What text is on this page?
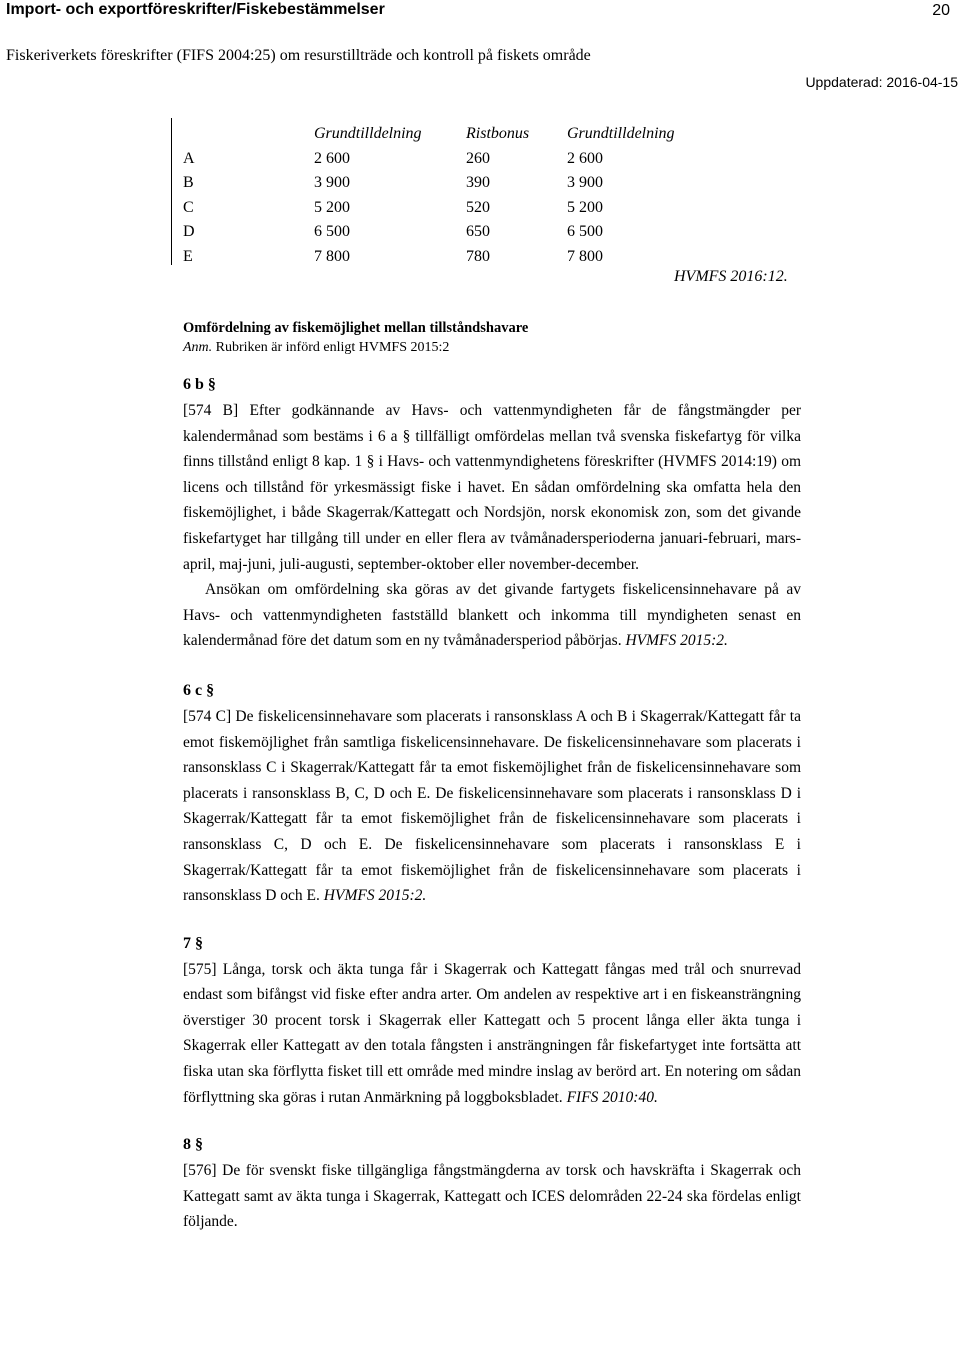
Import- och exportföreskrifter/Fiskebestämmelser	20
Fiskeriverkets föreskrifter (FIFS 2004:25) om resurstillträde och kontroll på fiskets område
Uppdaterad: 2016-04-15
	Grundtilldelning	Ristbonus	Grundtilldelning
A	2 600	260	2 600
B	3 900	390	3 900
C	5 200	520	5 200
D	6 500	650	6 500
E	7 800	780	7 800
HVMFS 2016:12.
Omfördelning av fiskemöjlighet mellan tillståndshavare
Anm. Rubriken är införd enligt HVMFS 2015:2
6 b §
[574 B] Efter godkännande av Havs- och vattenmyndigheten får de fångstmängder per kalendermånad som bestäms i 6 a § tillfälligt omfördelas mellan två svenska fiskefartyg för vilka finns tillstånd enligt 8 kap. 1 § i Havs- och vattenmyndighetens föreskrifter (HVMFS 2014:19) om licens och tillstånd för yrkesmässigt fiske i havet. En sådan omfördelning ska omfatta hela den fiskemöjlighet, i både Skagerrak/Kattegatt och Nordsjön, norsk ekonomisk zon, som det givande fiskefartyget har tillgång till under en eller flera av tvåmånadersperioderna januari-februari, mars-april, maj-juni, juli-augusti, september-oktober eller november-december.
Ansökan om omfördelning ska göras av det givande fartygets fiskelicensinnehavare på av Havs- och vattenmyndigheten fastställd blankett och inkomma till myndigheten senast en kalendermånad före det datum som en ny tvåmånadersperiod påbörjas. HVMFS 2015:2.
6 c §
[574 C] De fiskelicensinnehavare som placerats i ransonsklass A och B i Skagerrak/Kattegatt får ta emot fiskemöjlighet från samtliga fiskelicensinnehavare. De fiskelicensinnehavare som placerats i ransonsklass C i Skagerrak/Kattegatt får ta emot fiskemöjlighet från de fiskelicensinnehavare som placerats i ransonsklass B, C, D och E. De fiskelicensinnehavare som placerats i ransonsklass D i Skagerrak/Kattegatt får ta emot fiskemöjlighet från de fiskelicensinnehavare som placerats i ransonsklass C, D och E. De fiskelicensinnehavare som placerats i ransonsklass E i Skagerrak/Kattegatt får ta emot fiskemöjlighet från de fiskelicensinnehavare som placerats i ransonsklass D och E. HVMFS 2015:2.
7 §
[575] Långa, torsk och äkta tunga får i Skagerrak och Kattegatt fångas med trål och snurrevad endast som bifångst vid fiske efter andra arter. Om andelen av respektive art i en fiskeansträngning överstiger 30 procent torsk i Skagerrak eller Kattegatt och 5 procent långa eller äkta tunga i Skagerrak eller Kattegatt av den totala fångsten i ansträngningen får fiskefartyget inte fortsätta att fiska utan ska förflytta fisket till ett område med mindre inslag av berörd art. En notering om sådan förflyttning ska göras i rutan Anmärkning på loggboksbladet. FIFS 2010:40.
8 §
[576] De för svenskt fiske tillgängliga fångstmängderna av torsk och havskräfta i Skagerrak och Kattegatt samt av äkta tunga i Skagerrak, Kattegatt och ICES delområden 22-24 ska fördelas enligt följande.
